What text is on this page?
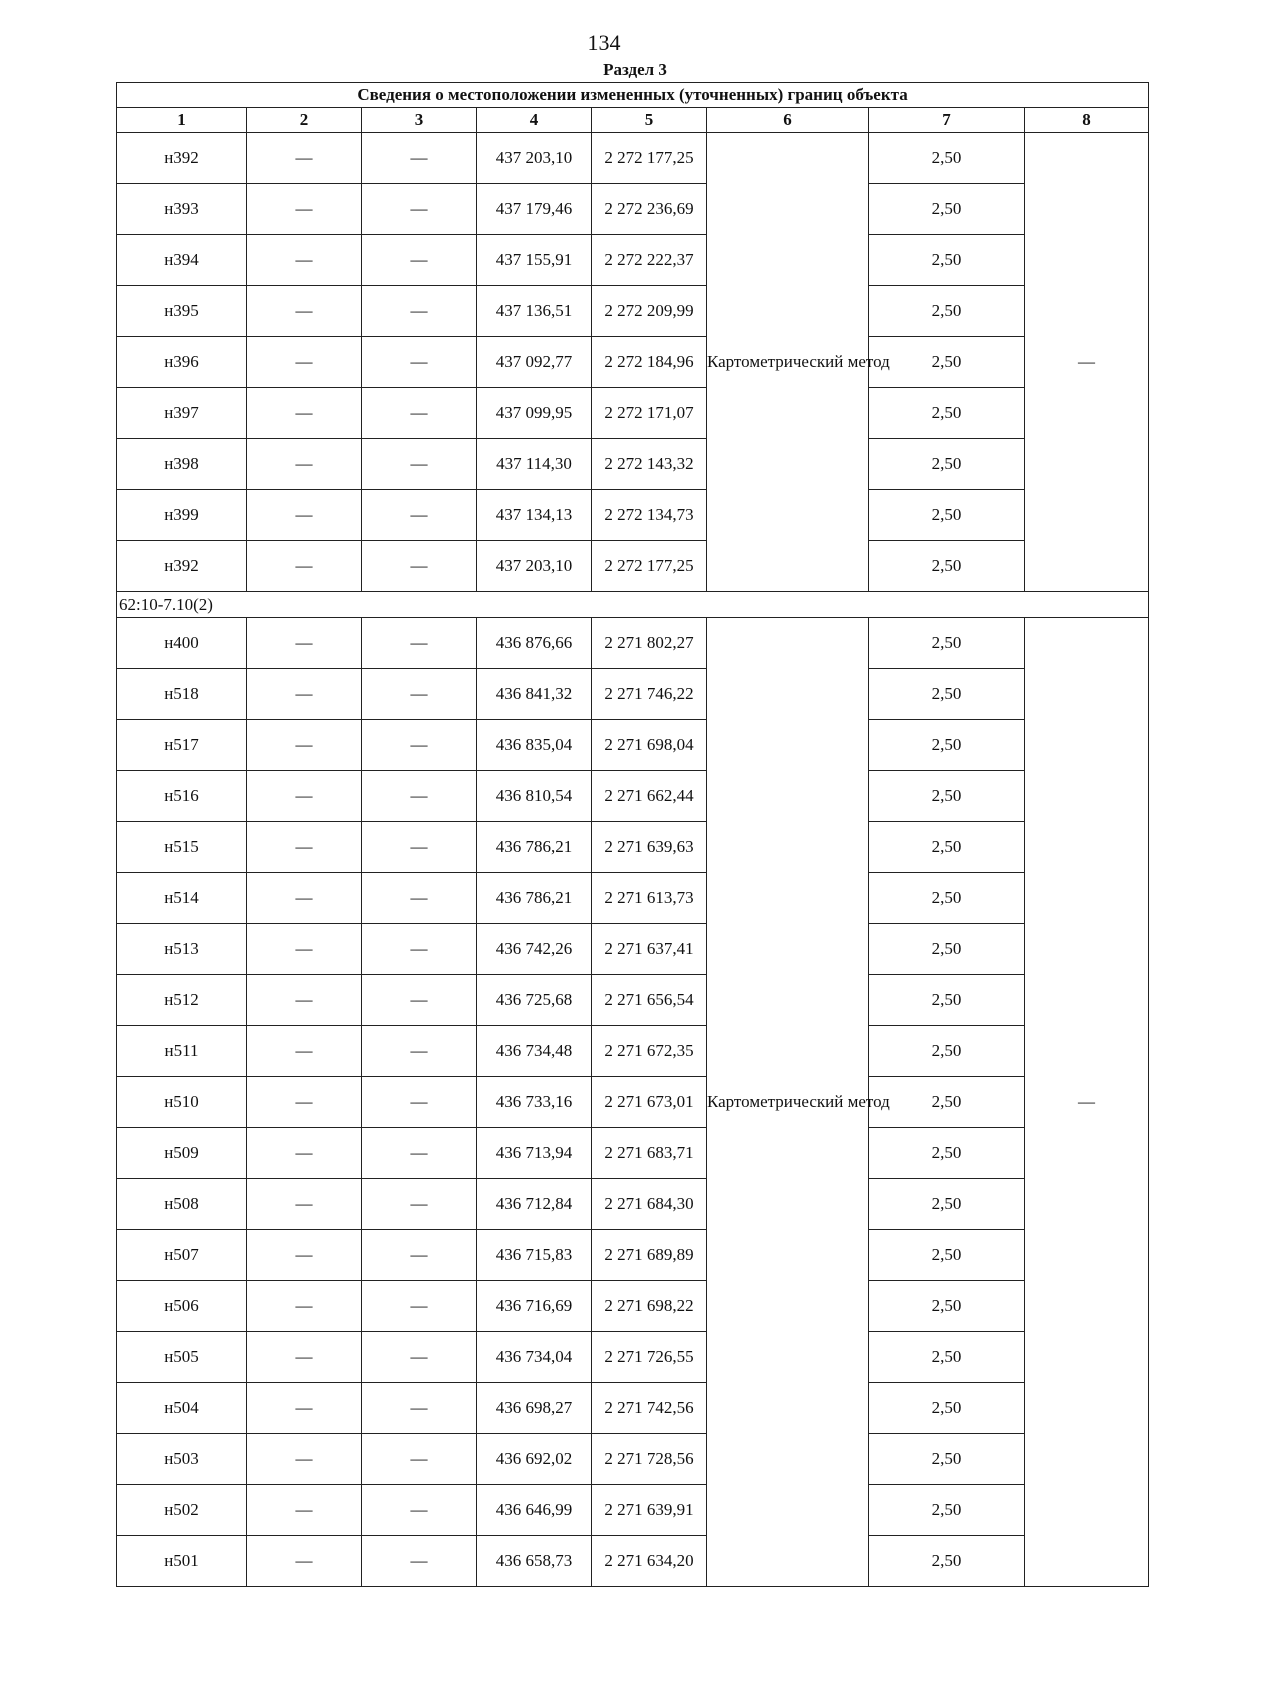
134
Раздел 3
Сведения о местоположении измененных (уточненных) границ объекта							
1	2	3	4	5	6	7	8
н392	—	—	437 203,10	2 272 177,25	Картометрический метод	2,50	—
н393	—	—	437 179,46	2 272 236,69		2,50	
н394	—	—	437 155,91	2 272 222,37		2,50	
н395	—	—	437 136,51	2 272 209,99		2,50	
н396	—	—	437 092,77	2 272 184,96		2,50	
н397	—	—	437 099,95	2 272 171,07		2,50	
н398	—	—	437 114,30	2 272 143,32		2,50	
н399	—	—	437 134,13	2 272 134,73		2,50	
н392	—	—	437 203,10	2 272 177,25		2,50	
62:10-7.10(2)							
н400	—	—	436 876,66	2 271 802,27	Картометрический метод	2,50	—
н518	—	—	436 841,32	2 271 746,22		2,50	
н517	—	—	436 835,04	2 271 698,04		2,50	
н516	—	—	436 810,54	2 271 662,44		2,50	
н515	—	—	436 786,21	2 271 639,63		2,50	
н514	—	—	436 786,21	2 271 613,73		2,50	
н513	—	—	436 742,26	2 271 637,41		2,50	
н512	—	—	436 725,68	2 271 656,54		2,50	
н511	—	—	436 734,48	2 271 672,35		2,50	
н510	—	—	436 733,16	2 271 673,01		2,50	
н509	—	—	436 713,94	2 271 683,71		2,50	
н508	—	—	436 712,84	2 271 684,30		2,50	
н507	—	—	436 715,83	2 271 689,89		2,50	
н506	—	—	436 716,69	2 271 698,22		2,50	
н505	—	—	436 734,04	2 271 726,55		2,50	
н504	—	—	436 698,27	2 271 742,56		2,50	
н503	—	—	436 692,02	2 271 728,56		2,50	
н502	—	—	436 646,99	2 271 639,91		2,50	
н501	—	—	436 658,73	2 271 634,20		2,50	
